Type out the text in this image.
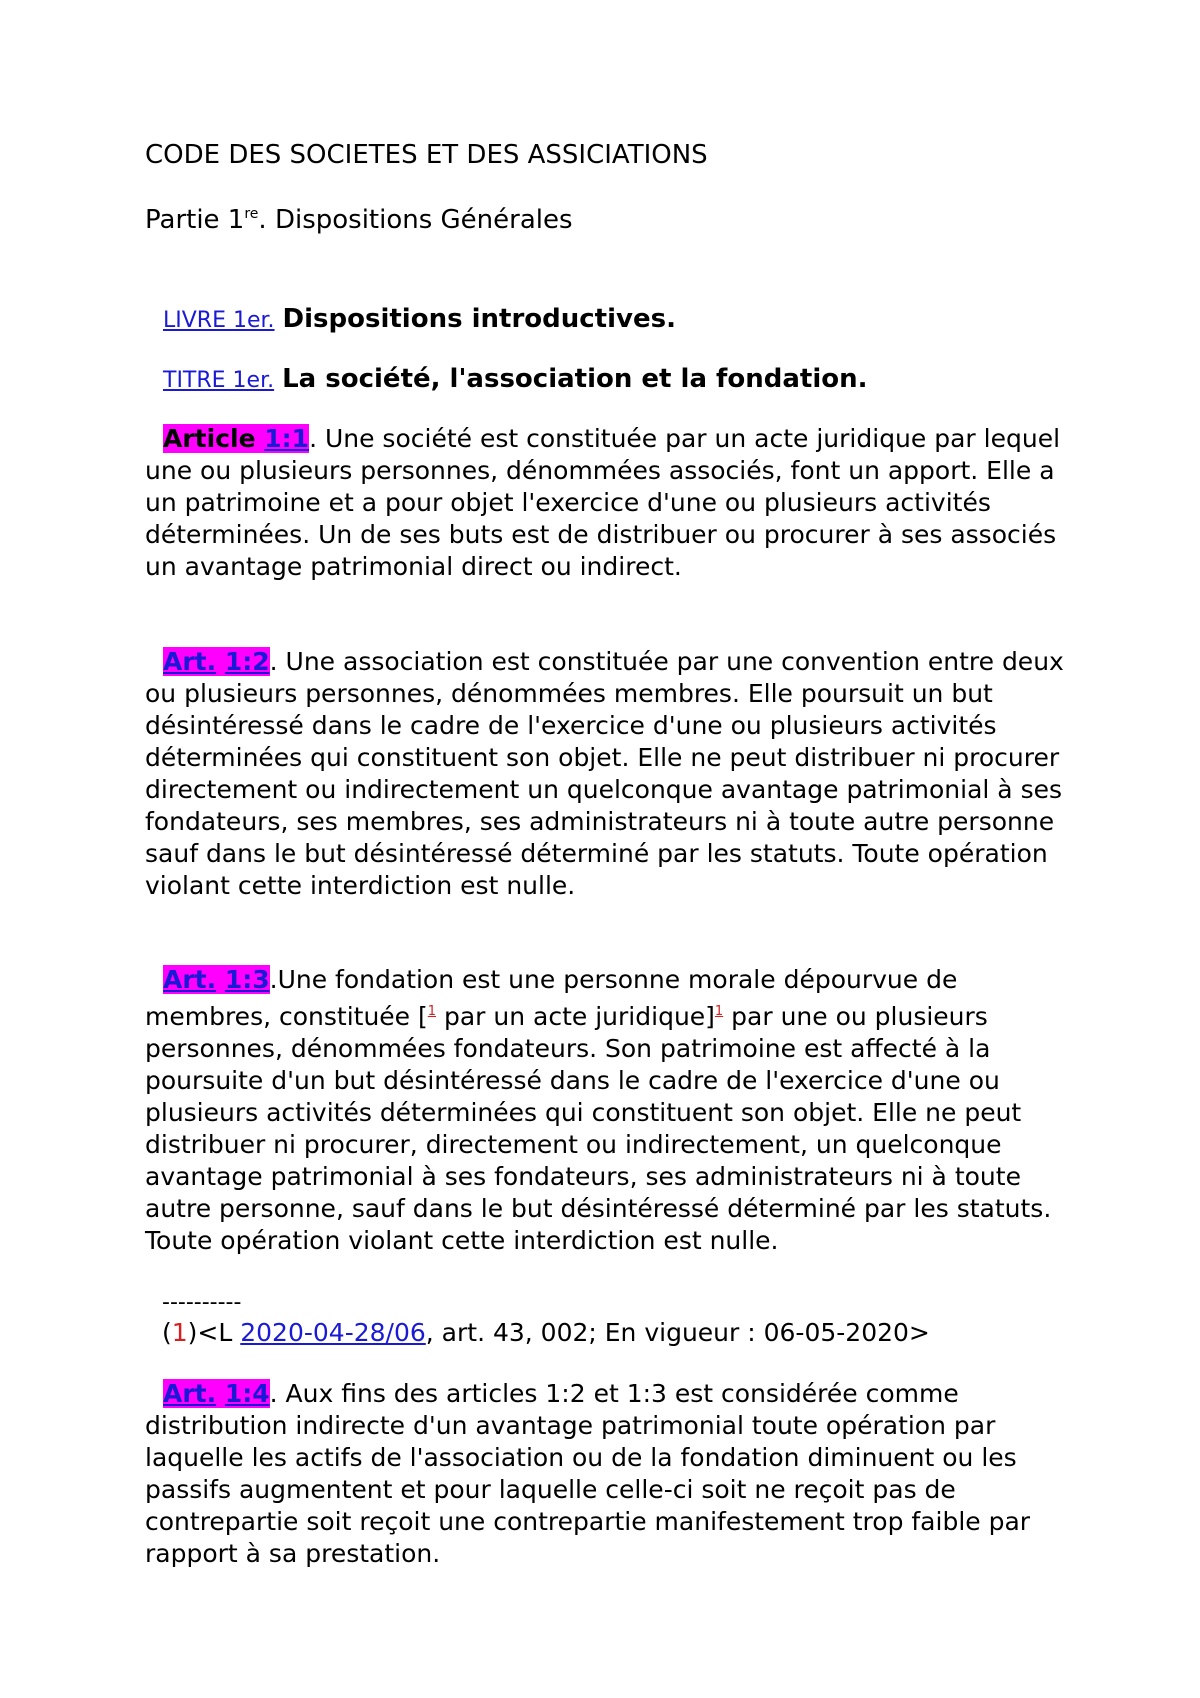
CODE DES SOCIETES ET DES ASSICIATIONS
Partie 1re. Dispositions Générales
LIVRE 1er. Dispositions introductives.
TITRE 1er. La société, l'association et la fondation.
Article 1:1. Une société est constituée par un acte juridique par lequel une ou plusieurs personnes, dénommées associés, font un apport. Elle a un patrimoine et a pour objet l'exercice d'une ou plusieurs activités déterminées. Un de ses buts est de distribuer ou procurer à ses associés un avantage patrimonial direct ou indirect.
Art. 1:2. Une association est constituée par une convention entre deux ou plusieurs personnes, dénommées membres. Elle poursuit un but désintéressé dans le cadre de l'exercice d'une ou plusieurs activités déterminées qui constituent son objet. Elle ne peut distribuer ni procurer directement ou indirectement un quelconque avantage patrimonial à ses fondateurs, ses membres, ses administrateurs ni à toute autre personne sauf dans le but désintéressé déterminé par les statuts. Toute opération violant cette interdiction est nulle.
Art. 1:3.Une fondation est une personne morale dépourvue de membres, constituée [$^1$ par un acte juridique]$^1$ par une ou plusieurs personnes, dénommées fondateurs. Son patrimoine est affecté à la poursuite d'un but désintéressé dans le cadre de l'exercice d'une ou plusieurs activités déterminées qui constituent son objet. Elle ne peut distribuer ni procurer, directement ou indirectement, un quelconque avantage patrimonial à ses fondateurs, ses administrateurs ni à toute autre personne, sauf dans le but désintéressé déterminé par les statuts. Toute opération violant cette interdiction est nulle.
----------
(1)<L 2020-04-28/06, art. 43, 002; En vigueur : 06-05-2020>
Art. 1:4. Aux fins des articles 1:2 et 1:3 est considérée comme distribution indirecte d'un avantage patrimonial toute opération par laquelle les actifs de l'association ou de la fondation diminuent ou les passifs augmentent et pour laquelle celle-ci soit ne reçoit pas de contrepartie soit reçoit une contrepartie manifestement trop faible par rapport à sa prestation.
